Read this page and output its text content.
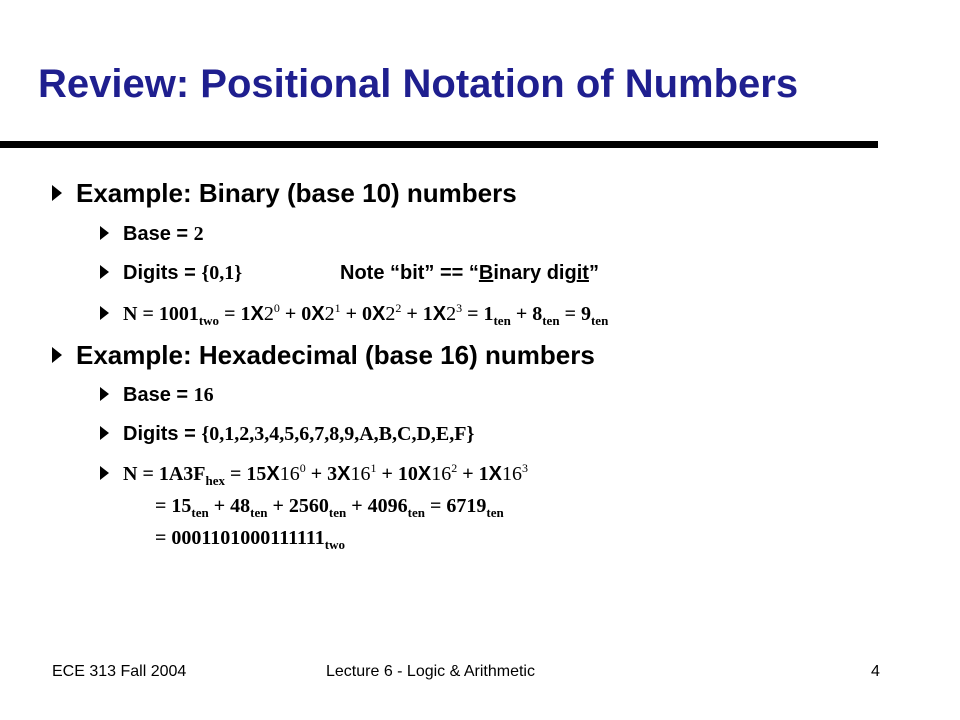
Review: Positional Notation of Numbers
Example: Binary (base 10) numbers
Base = 2
Digits = {0,1}	Note “bit” == “Binary digit”
$N = 1001_{two} = 1X2^0 + 0X2^1 + 0X2^2 + 1X2^3 = 1_{ten} + 8_{ten} = 9_{ten}$
Example: Hexadecimal (base 16) numbers
Base = 16
Digits = {0,1,2,3,4,5,6,7,8,9,A,B,C,D,E,F}
$N = 1A3F_{hex} = 15X16^0 + 3X16^1 + 10X16^2 + 1X16^3$
= $15_{ten} + 48_{ten} + 2560_{ten} + 4096_{ten} = 6719_{ten}$
= $0001101000111111_{two}$
ECE 313 Fall 2004	Lecture 6 - Logic & Arithmetic	4
